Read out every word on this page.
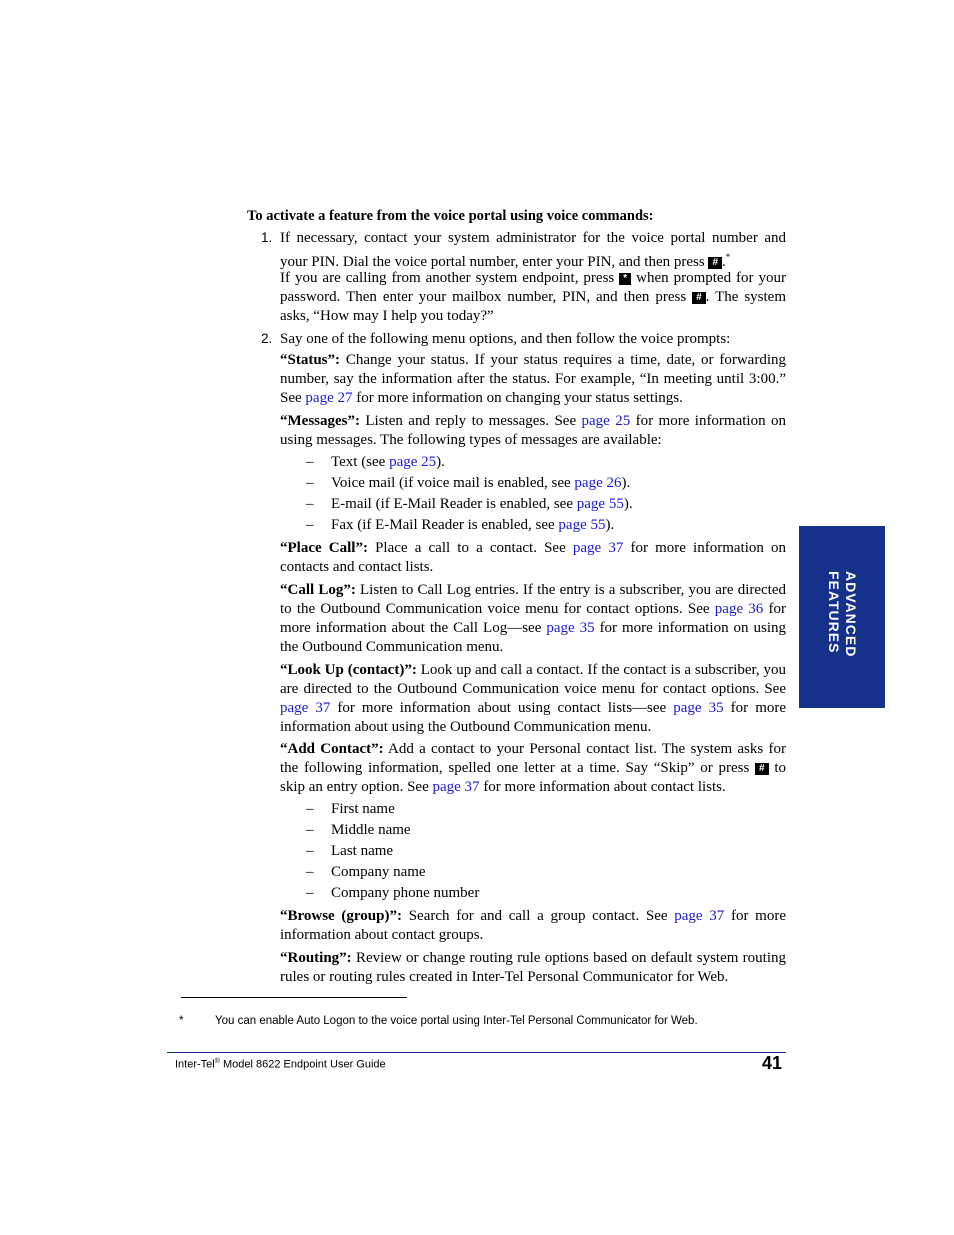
To activate a feature from the voice portal using voice commands:
1. If necessary, contact your system administrator for the voice portal number and your PIN. Dial the voice portal number, enter your PIN, and then press # .*
If you are calling from another system endpoint, press * when prompted for your password. Then enter your mailbox number, PIN, and then press # . The system asks, “How may I help you today?”
2. Say one of the following menu options, and then follow the voice prompts:
“Status”: Change your status. If your status requires a time, date, or forwarding number, say the information after the status. For example, “In meeting until 3:00.” See page 27 for more information on changing your status settings.
“Messages”: Listen and reply to messages. See page 25 for more information on using messages. The following types of messages are available:
– Text (see page 25).
– Voice mail (if voice mail is enabled, see page 26).
– E-mail (if E-Mail Reader is enabled, see page 55).
– Fax (if E-Mail Reader is enabled, see page 55).
“Place Call”: Place a call to a contact. See page 37 for more information on contacts and contact lists.
“Call Log”: Listen to Call Log entries. If the entry is a subscriber, you are directed to the Outbound Communication voice menu for contact options. See page 36 for more information about the Call Log—see page 35 for more information on using the Outbound Communication menu.
“Look Up (contact)”: Look up and call a contact. If the contact is a subscriber, you are directed to the Outbound Communication voice menu for contact options. See page 37 for more information about using contact lists—see page 35 for more information about using the Outbound Communication menu.
“Add Contact”: Add a contact to your Personal contact list. The system asks for the following information, spelled one letter at a time. Say “Skip” or press # to skip an entry option. See page 37 for more information about contact lists.
– First name
– Middle name
– Last name
– Company name
– Company phone number
“Browse (group)”: Search for and call a group contact. See page 37 for more information about contact groups.
“Routing”: Review or change routing rule options based on default system routing rules or routing rules created in Inter-Tel Personal Communicator for Web.
ADVANCED FEATURES
*	You can enable Auto Logon to the voice portal using Inter-Tel Personal Communicator for Web.
Inter-Tel® Model 8622 Endpoint User Guide	41
